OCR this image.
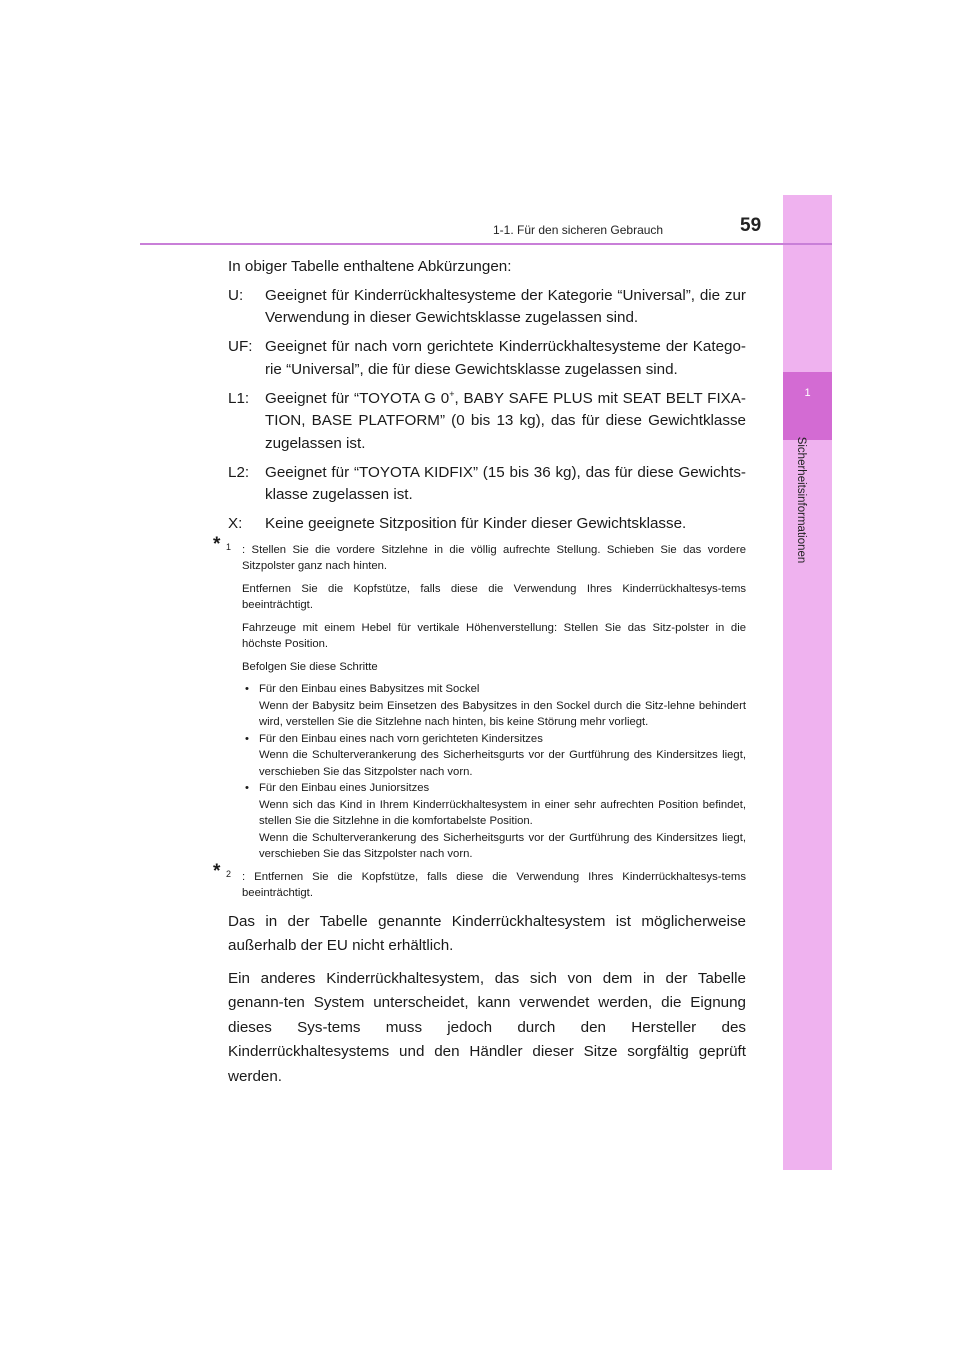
1
Sicherheitsinformationen
1-1. Für den sicheren Gebrauch	59

In obiger Tabelle enthaltene Abkürzungen:

U: Geeignet für Kinderrückhaltesysteme der Kategorie “Universal”, die zur Verwendung in dieser Gewichtsklasse zugelassen sind.
UF: Geeignet für nach vorn gerichtete Kinderrückhaltesysteme der Katego-rie “Universal”, die für diese Gewichtsklasse zugelassen sind.
L1: Geeignet für “TOYOTA G 0+, BABY SAFE PLUS mit SEAT BELT FIXA-TION, BASE PLATFORM” (0 bis 13 kg), das für diese Gewichtklasse zugelassen ist.
L2: Geeignet für “TOYOTA KIDFIX” (15 bis 36 kg), das für diese Gewichts-klasse zugelassen ist.
X: Keine geeignete Sitzposition für Kinder dieser Gewichtsklasse.
* 1 : Stellen Sie die vordere Sitzlehne in die völlig aufrechte Stellung. Schieben Sie das vordere Sitzpolster ganz nach hinten.

Entfernen Sie die Kopfstütze, falls diese die Verwendung Ihres Kinderrückhaltesys-tems beeinträchtigt.

Fahrzeuge mit einem Hebel für vertikale Höhenverstellung: Stellen Sie das Sitz-polster in die höchste Position.

Befolgen Sie diese Schritte

• Für den Einbau eines Babysitzes mit Sockel
Wenn der Babysitz beim Einsetzen des Babysitzes in den Sockel durch die Sitz-lehne behindert wird, verstellen Sie die Sitzlehne nach hinten, bis keine Störung mehr vorliegt.
• Für den Einbau eines nach vorn gerichteten Kindersitzes
Wenn die Schulterverankerung des Sicherheitsgurts vor der Gurtführung des Kindersitzes liegt, verschieben Sie das Sitzpolster nach vorn.
• Für den Einbau eines Juniorsitzes
Wenn sich das Kind in Ihrem Kinderrückhaltesystem in einer sehr aufrechten Position befindet, stellen Sie die Sitzlehne in die komfortabelste Position.
Wenn die Schulterverankerung des Sicherheitsgurts vor der Gurtführung des Kindersitzes liegt, verschieben Sie das Sitzpolster nach vorn.
* 2 : Entfernen Sie die Kopfstütze, falls diese die Verwendung Ihres Kinderrückhaltesys-tems beeinträchtigt.

Das in der Tabelle genannte Kinderrückhaltesystem ist möglicherweise außerhalb der EU nicht erhältlich.

Ein anderes Kinderrückhaltesystem, das sich von dem in der Tabelle genann-ten System unterscheidet, kann verwendet werden, die Eignung dieses Sys-tems muss jedoch durch den Hersteller des Kinderrückhaltesystems und den Händler dieser Sitze sorgfältig geprüft werden.
